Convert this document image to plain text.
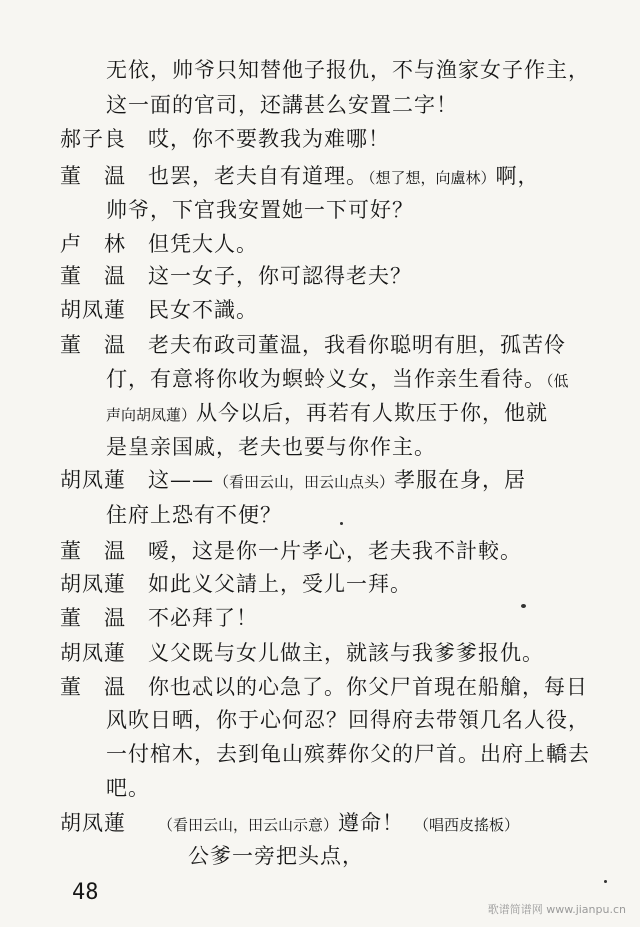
无依，帅爷只知替他子报仇，不与渔家女子作主，
这一面的官司，还講甚么安置二字！
郝子良 哎，你不要教我为难哪！
董　温 也罢，老夫自有道理。（想了想，向盧林）啊，
帅爷，下官我安置她一下可好？
卢　林 但凭大人。
董　温 这一女子，你可認得老夫？
胡凤蓮 民女不識。
董　温 老夫布政司董温，我看你聪明有胆，孤苦伶
仃，有意将你收为螟蛉义女，当作亲生看待。（低
声向胡凤蓮）从今以后，再若有人欺压于你，他就
是皇亲国戚，老夫也要与你作主。
胡凤蓮 这——（看田云山，田云山点头）孝服在身，居
住府上恐有不便？
董　温 嗳，这是你一片孝心，老夫我不計較。
胡凤蓮 如此义父請上，受儿一拜。
董　温 不必拜了！
胡凤蓮 义父既与女儿做主，就該与我爹爹报仇。
董　温 你也忒以的心急了。你父尸首現在船艙，每日
风吹日晒，你于心何忍？回得府去带領几名人役，
一付棺木，去到龟山殡葬你父的尸首。出府上轎去
吧。
胡凤蓮 （看田云山，田云山示意）遵命！ （唱西皮搖板）
公爹一旁把头点，
48
歌谱简谱网 www.jianpu.cn
